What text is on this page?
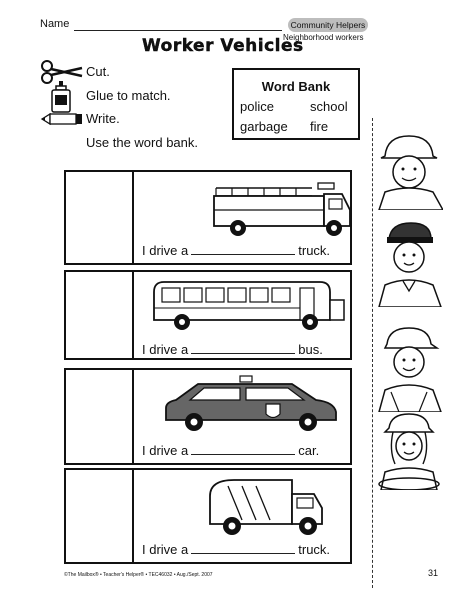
Name	Community Helpers
Neighborhood workers
Worker Vehicles
Cut.
Glue to match.
Write.
Use the word bank.
Word Bank
police	school
garbage fire
I drive a	truck.
I drive a	bus.
I drive a	car.
I drive a	truck.
©The Mailbox® • Teacher's Helper® • TEC46032 • Aug./Sept. 2007	31
